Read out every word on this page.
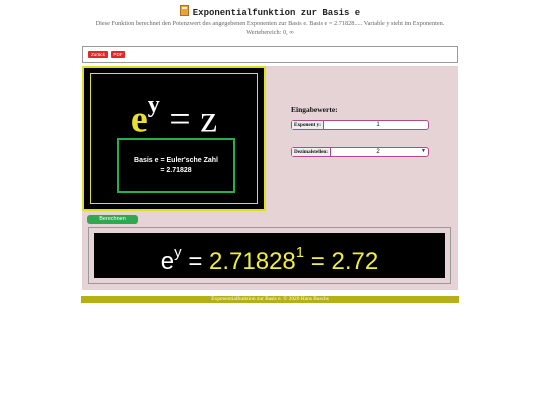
Exponentialfunktion zur Basis e
Diese Funktion berechnet den Potenzwert des angegebenen Exponenten zur Basis e. Basis e = 2.71828..... Variable y steht im Exponenten. Wertebereich: 0, ∞
Zurück	PDF
$e^y = z$
Basis e = Euler'sche Zahl
= 2.71828
Eingabewerte:
Exponent y:	1
Dezimalstellen:	2	▼
Berechnen
$e^y = 2.71828^1 = 2.72$
Exponentialfunktion zur Basis e. © 2020 Hans Buschs
